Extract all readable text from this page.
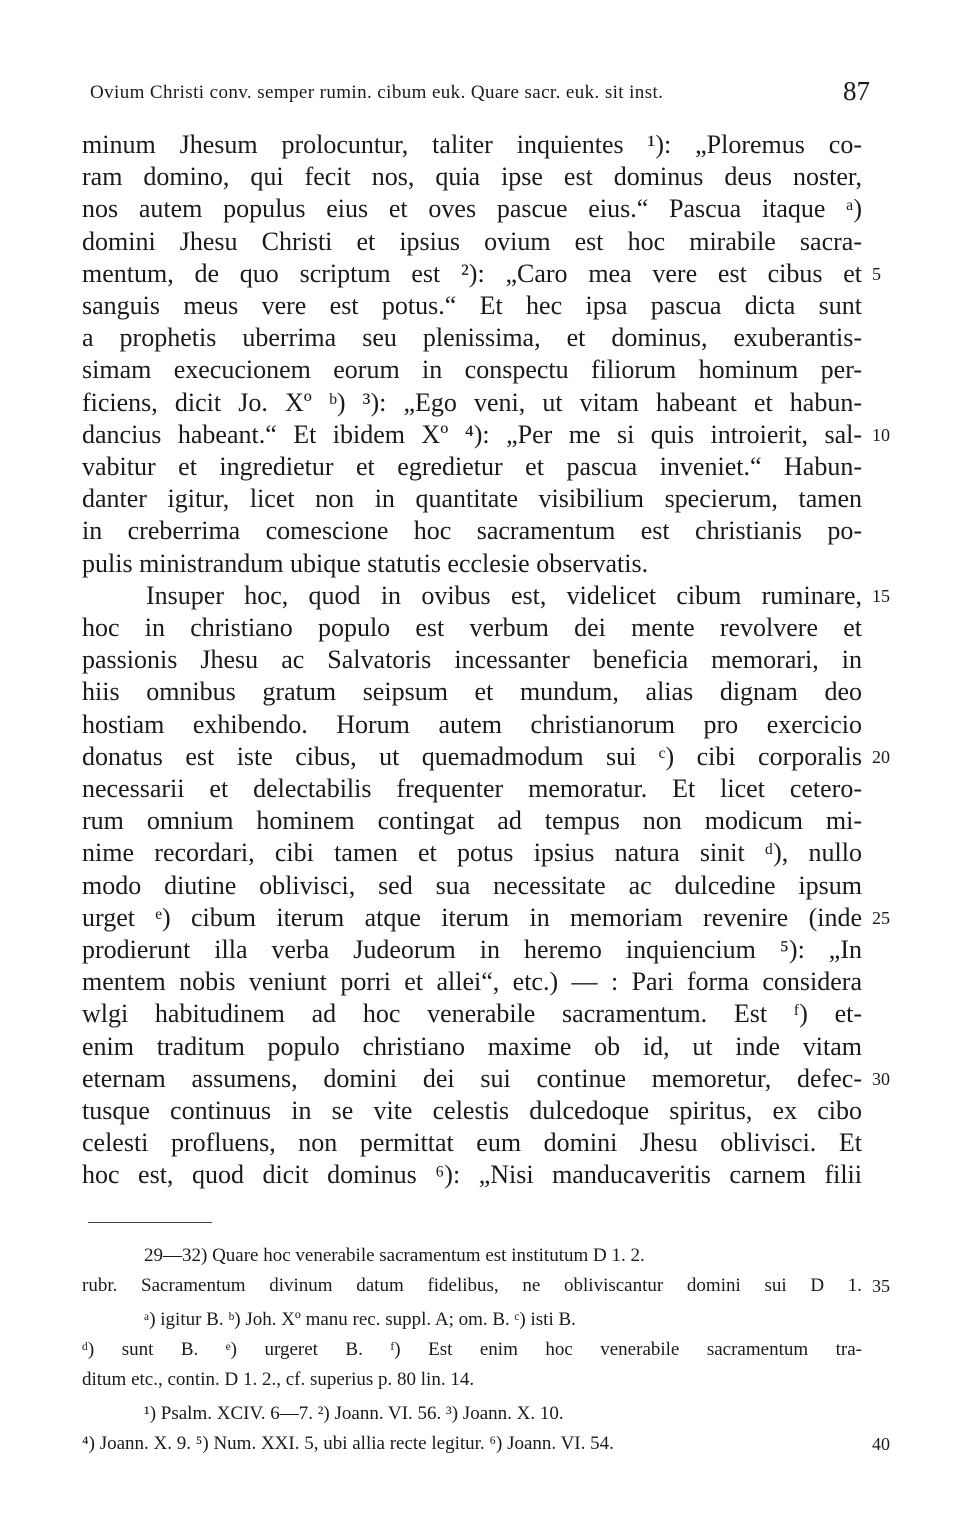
Ovium Christi conv. semper rumin. cibum euk. Quare sacr. euk. sit inst.	87
minum Jhesum prolocuntur, taliter inquientes ¹): „Ploremus co-
ram domino, qui fecit nos, quia ipse est dominus deus noster,
nos autem populus eius et oves pascue eius.“ Pascua itaque ᵃ)
domini Jhesu Christi et ipsius ovium est hoc mirabile sacra-
mentum, de quo scriptum est ²): „Caro mea vere est cibus et 5
sanguis meus vere est potus.“ Et hec ipsa pascua dicta sunt
a prophetis uberrima seu plenissima, et dominus, exuberantis-
simam execucionem eorum in conspectu filiorum hominum per-
ficiens, dicit Jo. Xº ᵇ) ³): „Ego veni, ut vitam habeant et habun-
dancius habeant.“ Et ibidem Xº ⁴): „Per me si quis introierit, sal- 10
vabitur et ingredietur et egredietur et pascua inveniet.“ Habun-
danter igitur, licet non in quantitate visibilium specierum, tamen
in creberrima comescione hoc sacramentum est christianis po-
pulis ministrandum ubique statutis ecclesie observatis.
Insuper hoc, quod in ovibus est, videlicet cibum ruminare, 15
hoc in christiano populo est verbum dei mente revolvere et
passionis Jhesu ac Salvatoris incessanter beneficia memorari, in
hiis omnibus gratum seipsum et mundum, alias dignam deo
hostiam exhibendo. Horum autem christianorum pro exercicio
donatus est iste cibus, ut quemadmodum sui ᶜ) cibi corporalis 20
necessarii et delectabilis frequenter memoratur. Et licet cetero-
rum omnium hominem contingat ad tempus non modicum mi-
nime recordari, cibi tamen et potus ipsius natura sinit ᵈ), nullo
modo diutine oblivisci, sed sua necessitate ac dulcedine ipsum
urget ᵉ) cibum iterum atque iterum in memoriam revenire (inde 25
prodierunt illa verba Judeorum in heremo inquiencium ⁵): „In
mentem nobis veniunt porri et allei“, etc.) — : Pari forma considera
wlgi habitudinem ad hoc venerabile sacramentum. Est ᶠ) et-
enim traditum populo christiano maxime ob id, ut inde vitam
eternam assumens, domini dei sui continue memoretur, defec- 30
tusque continuus in se vite celestis dulcedoque spiritus, ex cibo
celesti profluens, non permittat eum domini Jhesu oblivisci. Et
hoc est, quod dicit dominus ⁶): „Nisi manducaveritis carnem filii
29—32) Quare hoc venerabile sacramentum est institutum D 1. 2.
rubr. Sacramentum divinum datum fidelibus, ne obliviscantur domini sui D 1. 35
ᵃ) igitur B. ᵇ) Joh. Xº manu rec. suppl. A; om. B. ᶜ) isti B.
ᵈ) sunt B. ᵉ) urgeret B. ᶠ) Est enim hoc venerabile sacramentum tra-
ditum etc., contin. D 1. 2., cf. superius p. 80 lin. 14.
¹) Psalm. XCIV. 6—7. ²) Joann. VI. 56. ³) Joann. X. 10.
⁴) Joann. X. 9. ⁵) Num. XXI. 5, ubi allia recte legitur. ⁶) Joann. VI. 54.	40
